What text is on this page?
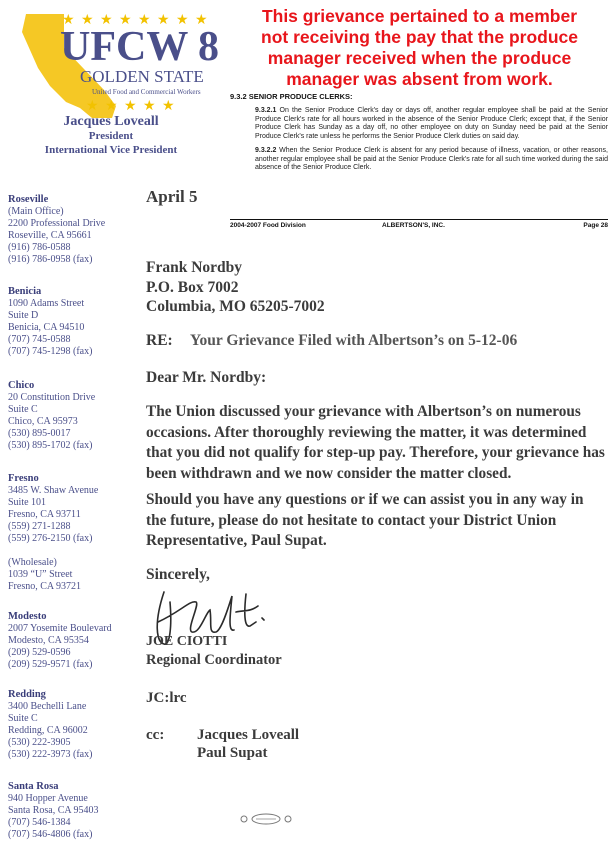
★ ★ ★ ★ ★ ★ ★ ★
UFCW 8
GOLDEN STATE
United Food and Commercial Workers
★ ★ ★ ★ ★
Jacques Loveall
President
International Vice President
This grievance pertained to a member
not receiving the pay that the produce
manager received when the produce
manager was absent from work.
9.3.2 SENIOR PRODUCE CLERKS:
9.3.2.1 On the Senior Produce Clerk's day or days off, another regular employee shall be paid at the Senior Produce Clerk's rate for all hours worked in the absence of the Senior Produce Clerk; except that, if the Senior Produce Clerk has Sunday as a day off, no other employee on duty on Sunday need be paid at the Senior Produce Clerk's rate unless he performs the Senior Produce Clerk duties on said day.
9.3.2.2 When the Senior Produce Clerk is absent for any period because of illness, vacation, or other reasons, another regular employee shall be paid at the Senior Produce Clerk's rate for all such time worked during the said absence of the Senior Produce Clerk.
2004-2007 Food Division	ALBERTSON'S, INC.	Page 28
Roseville
(Main Office)
2200 Professional Drive
Roseville, CA 95661
(916) 786-0588
(916) 786-0958 (fax)
Benicia
1090 Adams Street
Suite D
Benicia, CA 94510
(707) 745-0588
(707) 745-1298 (fax)
Chico
20 Constitution Drive
Suite C
Chico, CA 95973
(530) 895-0017
(530) 895-1702 (fax)
Fresno
3485 W. Shaw Avenue
Suite 101
Fresno, CA 93711
(559) 271-1288
(559) 276-2150 (fax)
(Wholesale)
1039 “U” Street
Fresno, CA 93721
Modesto
2007 Yosemite Boulevard
Modesto, CA 95354
(209) 529-0596
(209) 529-9571 (fax)
Redding
3400 Bechelli Lane
Suite C
Redding, CA 96002
(530) 222-3905
(530) 222-3973 (fax)
Santa Rosa
940 Hopper Avenue
Santa Rosa, CA 95403
(707) 546-1384
(707) 546-4806 (fax)
April 5
Frank Nordby
P.O. Box 7002
Columbia, MO 65205-7002
RE: Your Grievance Filed with Albertson’s on 5-12-06
Dear Mr. Nordby:
The Union discussed your grievance with Albertson’s on numerous occasions. After thoroughly reviewing the matter, it was determined that you did not qualify for step-up pay. Therefore, your grievance has been withdrawn and we now consider the matter closed.
Should you have any questions or if we can assist you in any way in the future, please do not hesitate to contact your District Union Representative, Paul Supat.
Sincerely,
JOE CIOTTI
Regional Coordinator
JC:lrc
cc: Jacques Loveall
Paul Supat
